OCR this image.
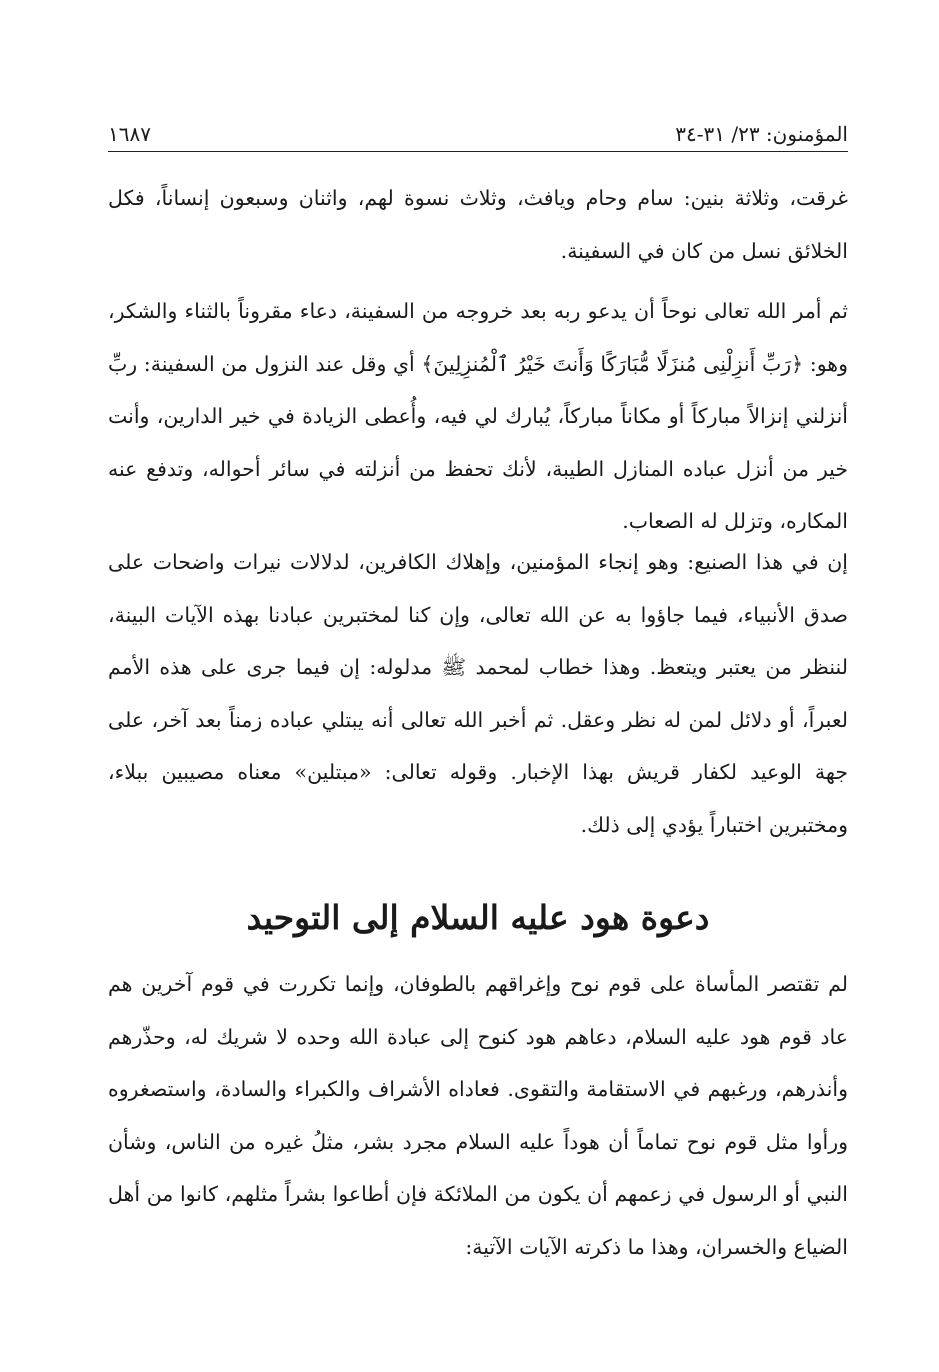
المؤمنون: ٢٣/ ٣١-٣٤
١٦٨٧

غرقت، وثلاثة بنين: سام وحام ويافث، وثلاث نسوة لهم، واثنان وسبعون إنساناً، فكل الخلائق نسل من كان في السفينة.

ثم أمر الله تعالى نوحاً أن يدعو ربه بعد خروجه من السفينة، دعاء مقروناً بالثناء والشكر، وهو: ﴿رَبِّ أَنزِلْنِى مُنزَلًا مُّبَارَكًا وَأَنتَ خَيْرُ ٱلْمُنزِلِينَ﴾ أي وقل عند النزول من السفينة: ربِّ أنزلني إنزالاً مباركاً أو مكاناً مباركاً، يُبارك لي فيه، وأُعطى الزيادة في خير الدارين، وأنت خير من أنزل عباده المنازل الطيبة، لأنك تحفظ من أنزلته في سائر أحواله، وتدفع عنه المكاره، وتزلل له الصعاب.

إن في هذا الصنيع: وهو إنجاء المؤمنين، وإهلاك الكافرين، لدلالات نيرات واضحات على صدق الأنبياء، فيما جاؤوا به عن الله تعالى، وإن كنا لمختبرين عبادنا بهذه الآيات البينة، لننظر من يعتبر ويتعظ. وهذا خطاب لمحمد ﷺ مدلوله: إن فيما جرى على هذه الأمم لعبراً، أو دلائل لمن له نظر وعقل. ثم أخبر الله تعالى أنه يبتلي عباده زمناً بعد آخر، على جهة الوعيد لكفار قريش بهذا الإخبار. وقوله تعالى: «مبتلين» معناه مصيبين ببلاء، ومختبرين اختباراً يؤدي إلى ذلك.

دعوة هود عليه السلام إلى التوحيد

لم تقتصر المأساة على قوم نوح وإغراقهم بالطوفان، وإنما تكررت في قوم آخرين هم عاد قوم هود عليه السلام، دعاهم هود كنوح إلى عبادة الله وحده لا شريك له، وحذّرهم وأنذرهم، ورغبهم في الاستقامة والتقوى. فعاداه الأشراف والكبراء والسادة، واستصغروه ورأوا مثل قوم نوح تماماً أن هوداً عليه السلام مجرد بشر، مثلُ غيره من الناس، وشأن النبي أو الرسول في زعمهم أن يكون من الملائكة فإن أطاعوا بشراً مثلهم، كانوا من أهل الضياع والخسران، وهذا ما ذكرته الآيات الآتية:
